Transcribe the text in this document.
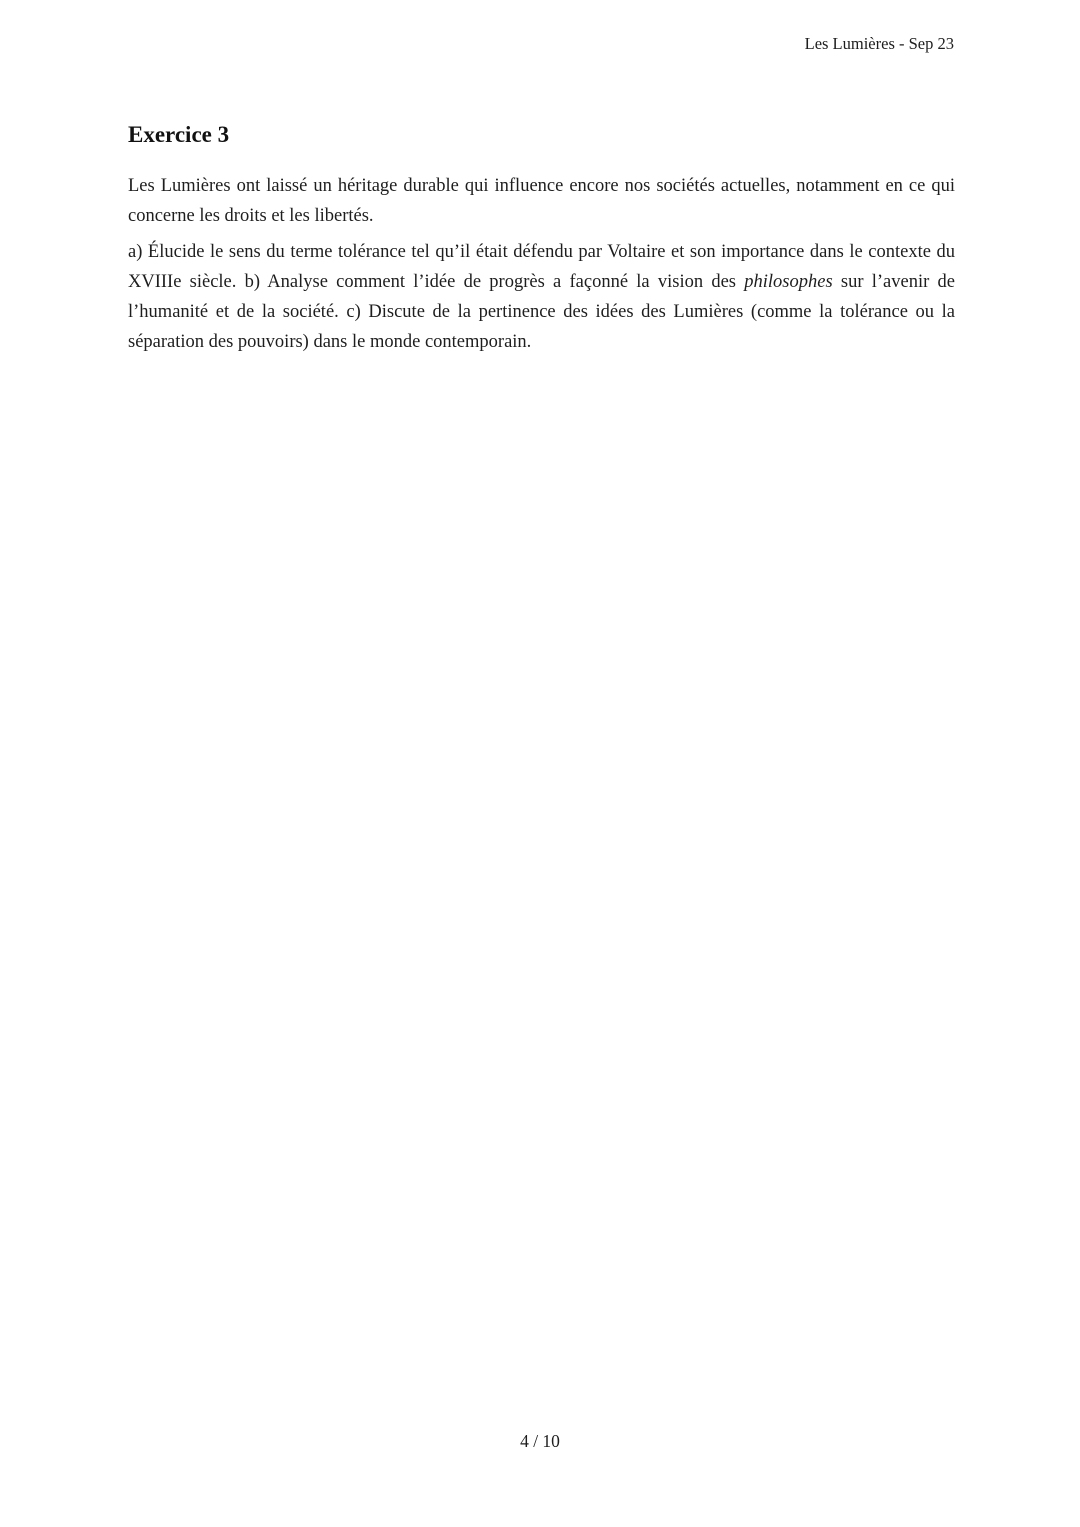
Les Lumières - Sep 23
Exercice 3

Les Lumières ont laissé un héritage durable qui influence encore nos sociétés actuelles, notamment en ce qui concerne les droits et les libertés.

a) Élucide le sens du terme tolérance tel qu’il était défendu par Voltaire et son importance dans le contexte du XVIIIe siècle. b) Analyse comment l’idée de progrès a façonné la vision des philosophes sur l’avenir de l’humanité et de la société. c) Discute de la pertinence des idées des Lumières (comme la tolérance ou la séparation des pouvoirs) dans le monde contemporain.

4 / 10
